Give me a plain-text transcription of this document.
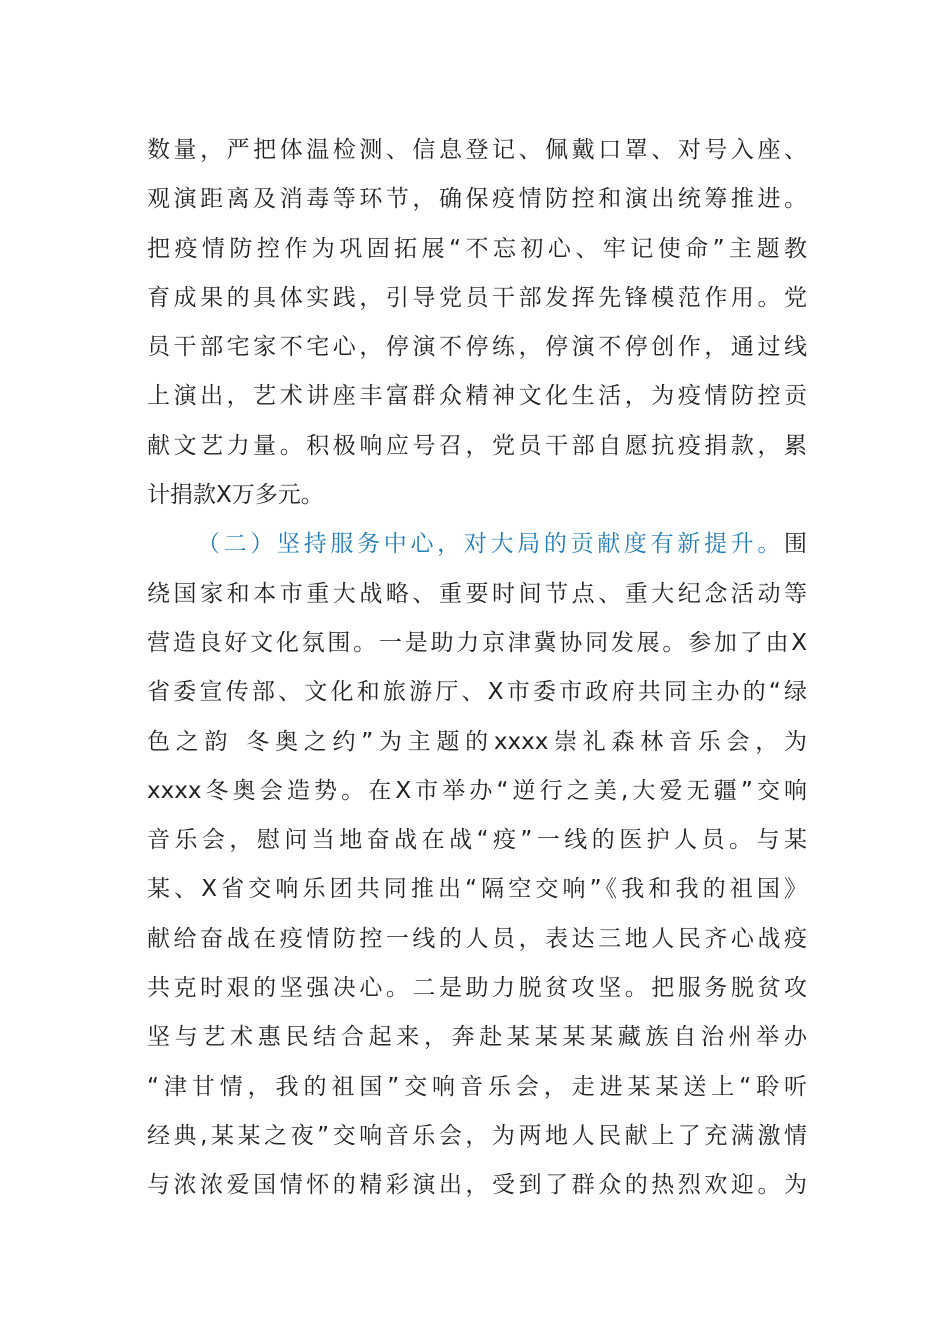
数量，严把体温检测、信息登记、佩戴口罩、对号入座、
观演距离及消毒等环节，确保疫情防控和演出统筹推进。
把疫情防控作为巩固拓展“不忘初心、牢记使命”主题教
育成果的具体实践，引导党员干部发挥先锋模范作用。党
员干部宅家不宅心，停演不停练，停演不停创作，通过线
上演出，艺术讲座丰富群众精神文化生活，为疫情防控贡
献文艺力量。积极响应号召，党员干部自愿抗疫捐款，累
计捐款X万多元。
（二）坚持服务中心，对大局的贡献度有新提升。围
绕国家和本市重大战略、重要时间节点、重大纪念活动等
营造良好文化氛围。一是助力京津冀协同发展。参加了由X
省委宣传部、文化和旅游厅、X市委市政府共同主办的“绿
色之韵 冬奥之约”为主题的xxxx崇礼森林音乐会，为
xxxx冬奥会造势。在X市举办“逆行之美,大爱无疆”交响
音乐会，慰问当地奋战在战“疫”一线的医护人员。与某
某、X省交响乐团共同推出“隔空交响”《我和我的祖国》
献给奋战在疫情防控一线的人员，表达三地人民齐心战疫
共克时艰的坚强决心。二是助力脱贫攻坚。把服务脱贫攻
坚与艺术惠民结合起来，奔赴某某某某藏族自治州举办
“津甘情，我的祖国”交响音乐会，走进某某送上“聆听
经典,某某之夜”交响音乐会，为两地人民献上了充满激情
与浓浓爱国情怀的精彩演出，受到了群众的热烈欢迎。为
